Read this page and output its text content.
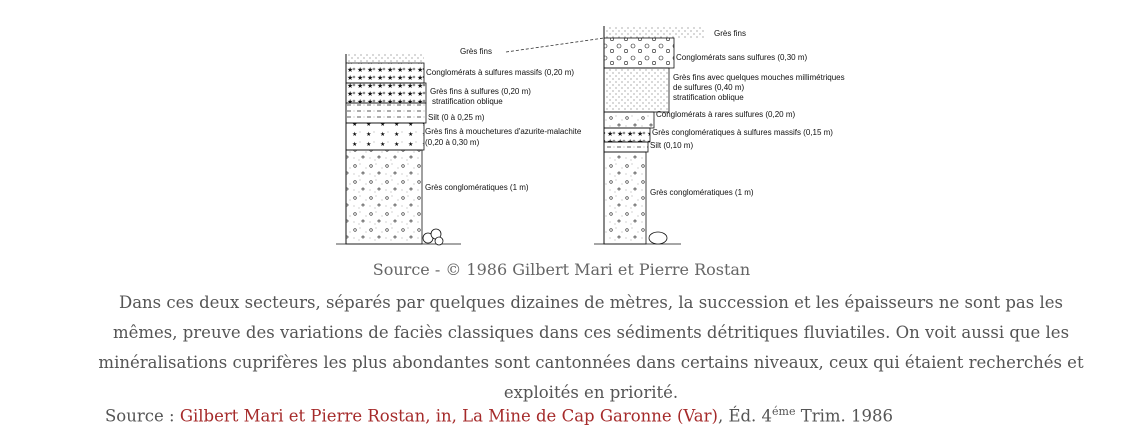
Grès fins
Conglomérats à sulfures massifs (0,20 m)
Grès fins à sulfures (0,20 m)
stratification oblique
Silt (0 à 0,25 m)
Grès fins à mouchetures d'azurite-malachite
(0,20 à 0,30 m)
Grès conglomératiques (1 m)
Grès fins
Conglomérats sans sulfures (0,30 m)
Grès fins avec quelques mouches millimétriques
de sulfures (0,40 m)
stratification oblique
Conglomérats à rares sulfures (0,20 m)
Grès conglomératiques à sulfures massifs (0,15 m)
Silt (0,10 m)
Grès conglomératiques (1 m)
Source - © 1986 Gilbert Mari et Pierre Rostan
Dans ces deux secteurs, séparés par quelques dizaines de mètres, la succession et les épaisseurs ne sont pas les mêmes, preuve des variations de faciès classiques dans ces sédiments détritiques fluviatiles. On voit aussi que les minéralisations cuprifères les plus abondantes sont cantonnées dans certains niveaux, ceux qui étaient recherchés et exploités en priorité.
Source : Gilbert Mari et Pierre Rostan, in, La Mine de Cap Garonne (Var), Éd. $4^{éme}$ Trim. 1986
